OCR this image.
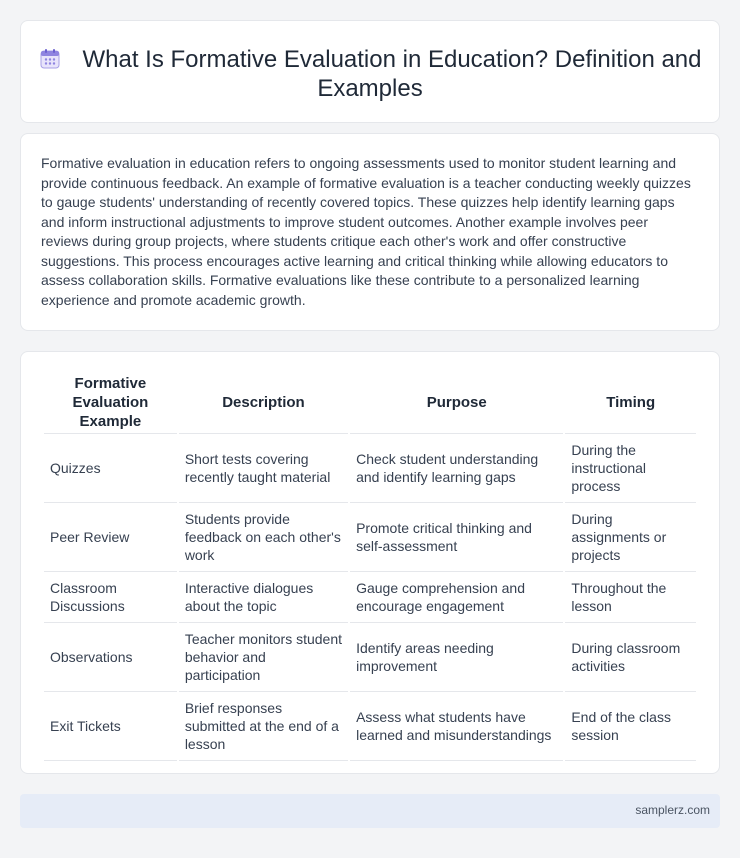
What Is Formative Evaluation in Education? Definition and Examples

Formative evaluation in education refers to ongoing assessments used to monitor student learning and provide continuous feedback. An example of formative evaluation is a teacher conducting weekly quizzes to gauge students' understanding of recently covered topics. These quizzes help identify learning gaps and inform instructional adjustments to improve student outcomes. Another example involves peer reviews during group projects, where students critique each other's work and offer constructive suggestions. This process encourages active learning and critical thinking while allowing educators to assess collaboration skills. Formative evaluations like these contribute to a personalized learning experience and promote academic growth.

Formative Evaluation Example	Description	Purpose	Timing
Quizzes	Short tests covering recently taught material	Check student understanding and identify learning gaps	During the instructional process
Peer Review	Students provide feedback on each other's work	Promote critical thinking and self-assessment	During assignments or projects
Classroom Discussions	Interactive dialogues about the topic	Gauge comprehension and encourage engagement	Throughout the lesson
Observations	Teacher monitors student behavior and participation	Identify areas needing improvement	During classroom activities
Exit Tickets	Brief responses submitted at the end of a lesson	Assess what students have learned and misunderstandings	End of the class session
samplerz.com
